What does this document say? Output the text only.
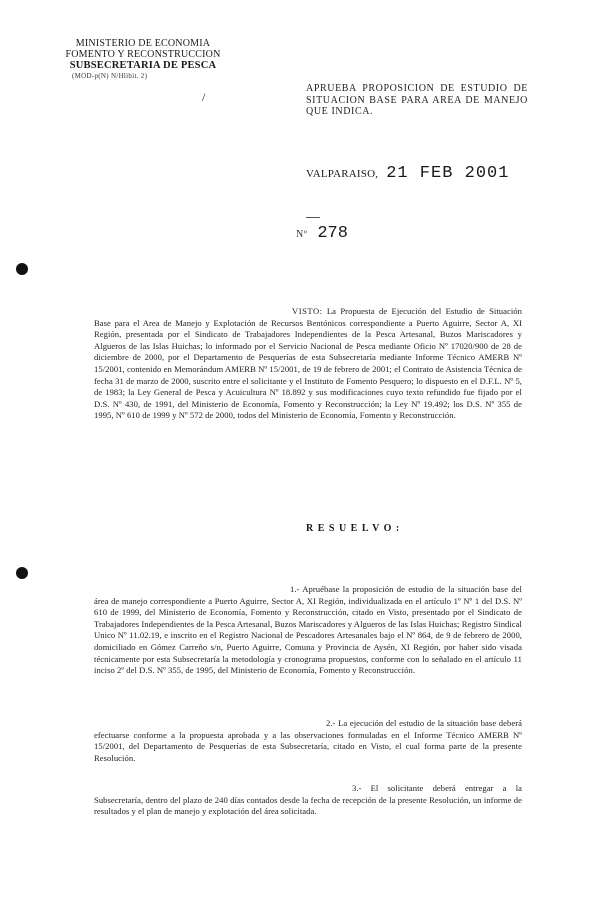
MINISTERIO DE ECONOMIA
FOMENTO Y RECONSTRUCCION
SUBSECRETARIA DE PESCA
(MOD-p(N) N/Hlibit. 2)
/
APRUEBA PROPOSICION DE ESTUDIO DE SITUACION BASE PARA AREA DE MANEJO QUE INDICA.
VALPARAISO, 21 FEB 2001
Nº 278
VISTO: La Propuesta de Ejecución del Estudio de Situación Base para el Area de Manejo y Explotación de Recursos Bentónicos correspondiente a Puerto Aguirre, Sector A, XI Región, presentada por el Sindicato de Trabajadores Independientes de la Pesca Artesanal, Buzos Mariscadores y Algueros de las Islas Huichas; lo informado por el Servicio Nacional de Pesca mediante Oficio Nº 17020/900 de 28 de diciembre de 2000, por el Departamento de Pesquerías de esta Subsecretaría mediante Informe Técnico AMERB Nº 15/2001, contenido en Memorándum AMERB Nº 15/2001, de 19 de febrero de 2001; el Contrato de Asistencia Técnica de fecha 31 de marzo de 2000, suscrito entre el solicitante y el Instituto de Fomento Pesquero; lo dispuesto en el D.F.L. Nº 5, de 1983; la Ley General de Pesca y Acuicultura Nº 18.892 y sus modificaciones cuyo texto refundido fue fijado por el D.S. Nº 430, de 1991, del Ministerio de Economía, Fomento y Reconstrucción; la Ley Nº 19.492; los D.S. Nº 355 de 1995, Nº 610 de 1999 y Nº 572 de 2000, todos del Ministerio de Economía, Fomento y Reconstrucción.
RESUELVO:
1.- Apruébase la proposición de estudio de la situación base del área de manejo correspondiente a Puerto Aguirre, Sector A, XI Región, individualizada en el artículo 1º Nº 1 del D.S. Nº 610 de 1999, del Ministerio de Economía, Fomento y Reconstrucción, citado en Visto, presentado por el Sindicato de Trabajadores Independientes de la Pesca Artesanal, Buzos Mariscadores y Algueros de las Islas Huichas; Registro Sindical Unico Nº 11.02.19, e inscrito en el Registro Nacional de Pescadores Artesanales bajo el Nº 864, de 9 de febrero de 2000, domiciliado en Gómez Carreño s/n, Puerto Aguirre, Comuna y Provincia de Aysén, XI Región, por haber sido visada técnicamente por esta Subsecretaría la metodología y cronograma propuestos, conforme con lo señalado en el artículo 11 inciso 2º del D.S. Nº 355, de 1995, del Ministerio de Economía, Fomento y Reconstrucción.
2.- La ejecución del estudio de la situación base deberá efectuarse conforme a la propuesta aprobada y a las observaciones formuladas en el Informe Técnico AMERB Nº 15/2001, del Departamento de Pesquerías de esta Subsecretaría, citado en Visto, el cual forma parte de la presente Resolución.
3.- El solicitante deberá entregar a la Subsecretaría, dentro del plazo de 240 días contados desde la fecha de recepción de la presente Resolución, un informe de resultados y el plan de manejo y explotación del área solicitada.
